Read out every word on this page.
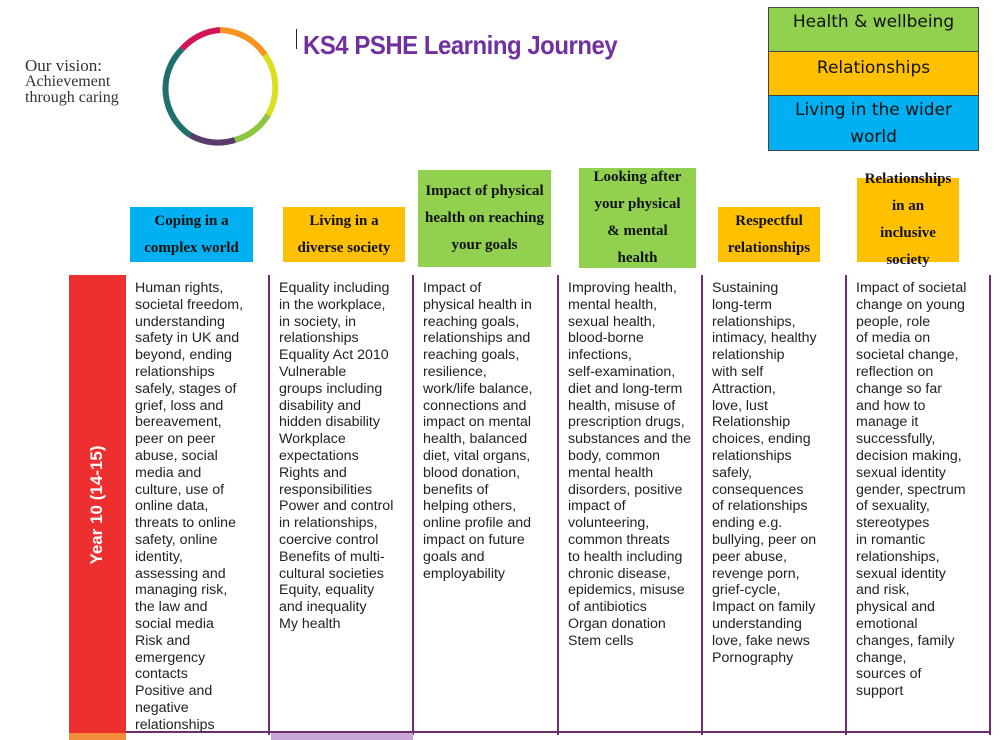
Our vision:
Achievement
through caring
KS4 PSHE Learning Journey
Health & wellbeing
Relationships
Living in the wider world
Coping in a complex world
Living in a diverse society
Impact of physical health on reaching your goals
Looking after your physical & mental health
Respectful relationships
Relationships in an inclusive society
Year 10 (14-15)
Human rights,
societal freedom,
understanding
safety in UK and
beyond, ending
relationships
safely, stages of
grief, loss and
bereavement,
peer on peer
abuse, social
media and
culture, use of
online data,
threats to online
safety, online
identity,
assessing and
managing risk,
the law and
social media
Risk and
emergency
contacts
Positive and
negative
relationships
Equality including
in the workplace,
in society, in
relationships
Equality Act 2010
Vulnerable
groups including
disability and
hidden disability
Workplace
expectations
Rights and
responsibilities
Power and control
in relationships,
coercive control
Benefits of multi-
cultural societies
Equity, equality
and inequality
My health
Impact of
physical health in
reaching goals,
relationships and
reaching goals,
resilience,
work/life balance,
connections and
impact on mental
health, balanced
diet, vital organs,
blood donation,
benefits of
helping others,
online profile and
impact on future
goals and
employability
Improving health,
mental health,
sexual health,
blood-borne
infections,
self-examination,
diet and long-term
health, misuse of
prescription drugs,
substances and the
body, common
mental health
disorders, positive
impact of
volunteering,
common threats
to health including
chronic disease,
epidemics, misuse
of antibiotics
Organ donation
Stem cells
Sustaining
long-term
relationships,
intimacy, healthy
relationship
with self
Attraction,
love, lust
Relationship
choices, ending
relationships
safely,
consequences
of relationships
ending e.g.
bullying, peer on
peer abuse,
revenge porn,
grief-cycle,
Impact on family
understanding
love, fake news
Pornography
Impact of societal
change on young
people, role
of media on
societal change,
reflection on
change so far
and how to
manage it
successfully,
decision making,
sexual identity
gender, spectrum
of sexuality,
stereotypes
in romantic
relationships,
sexual identity
and risk,
physical and
emotional
changes, family
change,
sources of
support
